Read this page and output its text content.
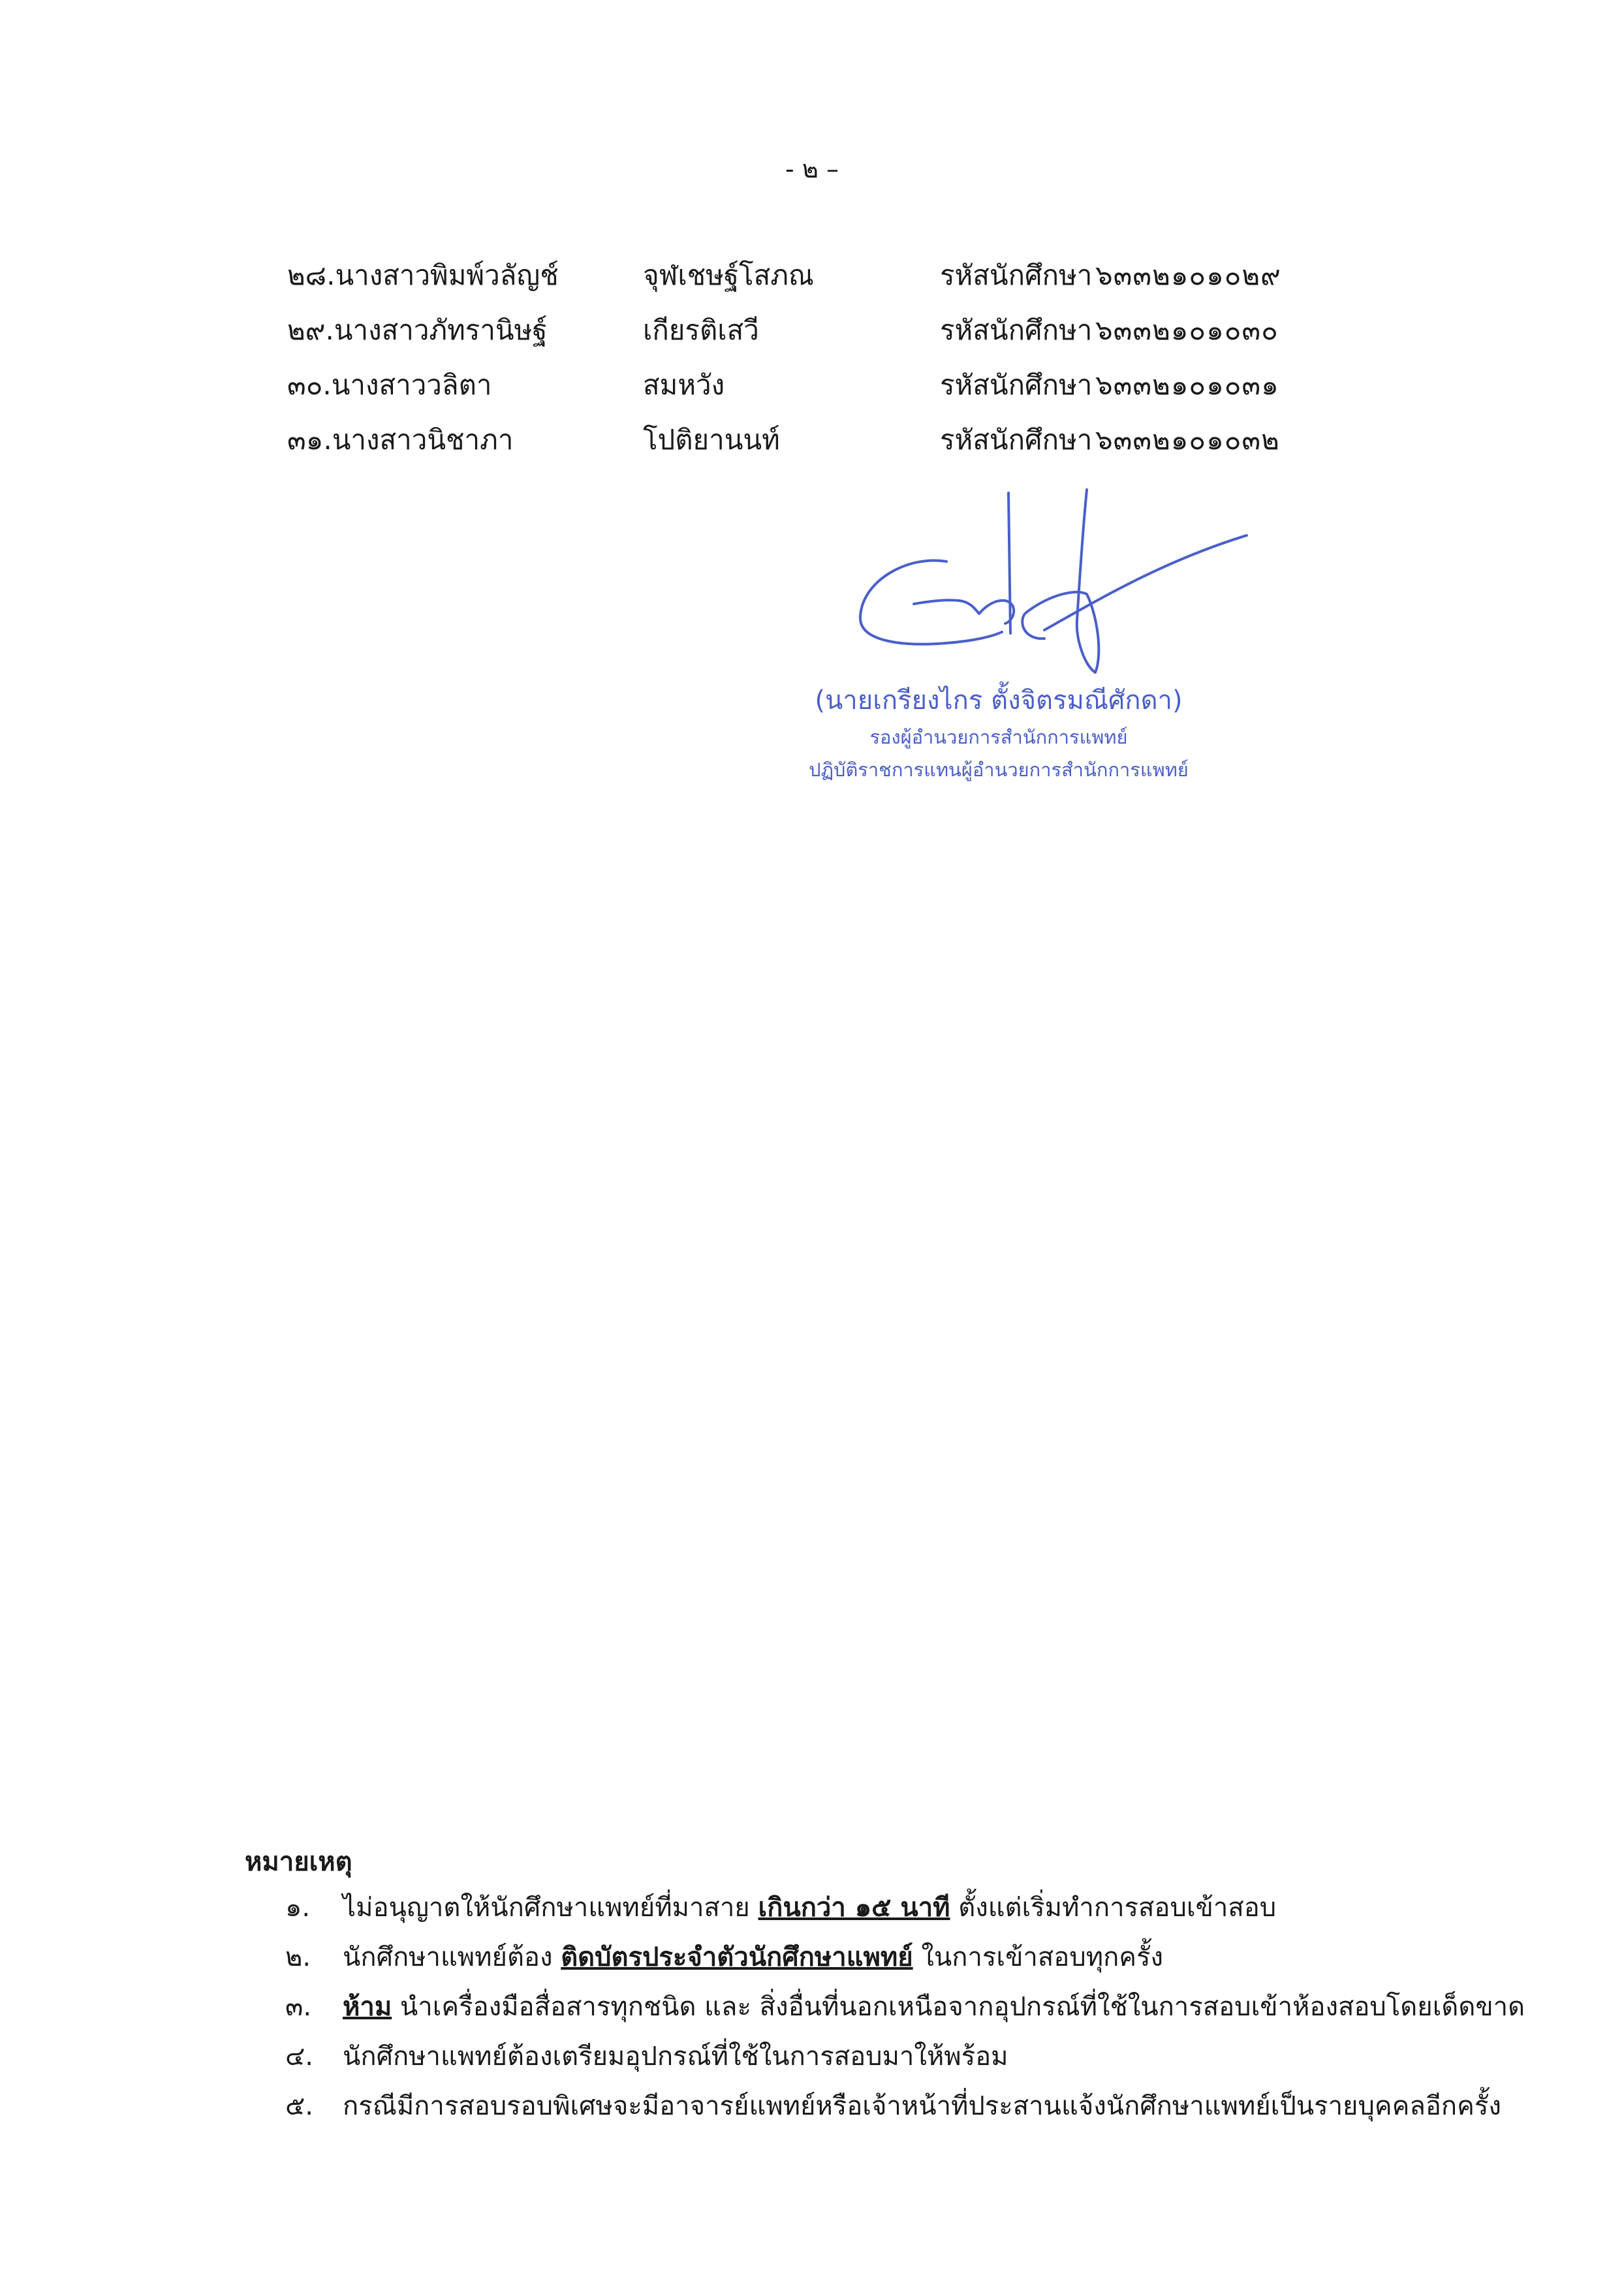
- ๒ –
๒๘.นางสาวพิมพ์วลัญช์	จุฬเชษฐ์โสภณ	รหัสนักศึกษา ๖๓๓๒๑๐๑๐๒๙
๒๙.นางสาวภัทรานิษฐ์	เกียรติเสวี	รหัสนักศึกษา ๖๓๓๒๑๐๑๐๓๐
๓๐.นางสาววลิตา	สมหวัง	รหัสนักศึกษา ๖๓๓๒๑๐๑๐๓๑
๓๑.นางสาวนิชาภา	โปติยานนท์	รหัสนักศึกษา ๖๓๓๒๑๐๑๐๓๒
(นายเกรียงไกร ตั้งจิตรมณีศักดา)
รองผู้อำนวยการสำนักการแพทย์
ปฏิบัติราชการแทนผู้อำนวยการสำนักการแพทย์
หมายเหตุ
๑. ไม่อนุญาตให้นักศึกษาแพทย์ที่มาสาย เกินกว่า ๑๕ นาที ตั้งแต่เริ่มทำการสอบเข้าสอบ
๒. นักศึกษาแพทย์ต้อง ติดบัตรประจำตัวนักศึกษาแพทย์ ในการเข้าสอบทุกครั้ง
๓. ห้าม นำเครื่องมือสื่อสารทุกชนิด และ สิ่งอื่นที่นอกเหนือจากอุปกรณ์ที่ใช้ในการสอบเข้าห้องสอบโดยเด็ดขาด
๔. นักศึกษาแพทย์ต้องเตรียมอุปกรณ์ที่ใช้ในการสอบมาให้พร้อม
๕. กรณีมีการสอบรอบพิเศษจะมีอาจารย์แพทย์หรือเจ้าหน้าที่ประสานแจ้งนักศึกษาแพทย์เป็นรายบุคคลอีกครั้ง
